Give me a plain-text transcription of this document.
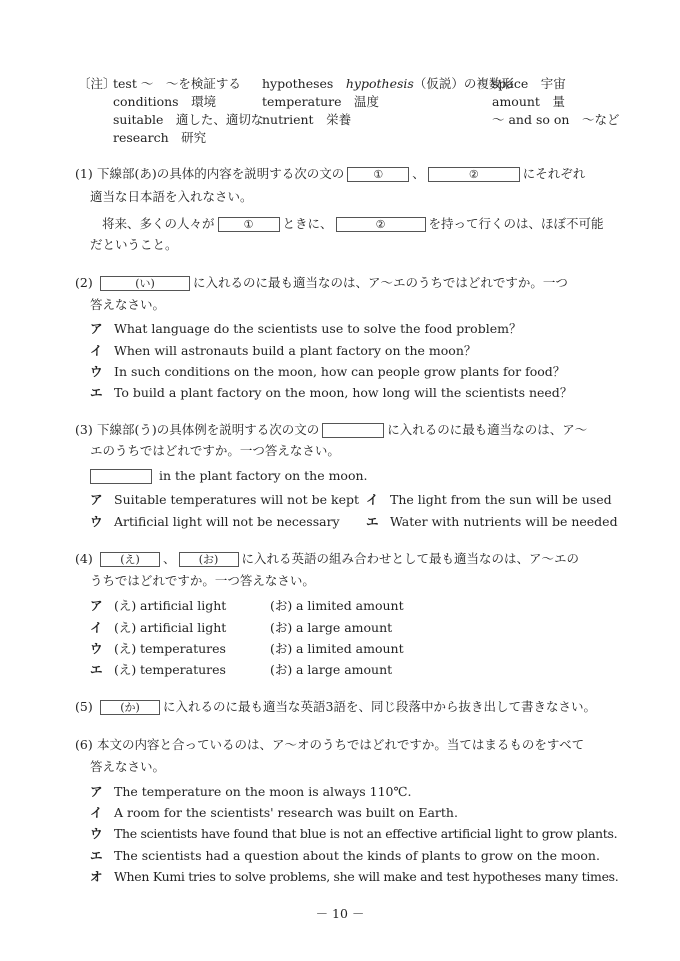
〔注〕
test ～　～を検証する
conditions　環境
suitable　適した、適切な
research　研究
hypotheses　 hypothesis（仮説）の複数形
temperature　温度
nutrient　栄養
space　宇宙
amount　量
～ and so on　～など
(1) 下線部(あ)の具体的内容を説明する次の文の	① 、	②	にそれぞれ
適当な日本語を入れなさい。
将来、多くの人々が	① ときに、	②	を持って行くのは、ほぼ不可能
だということ。
(2)	(い)	に入れるのに最も適当なのは、ア～エのうちではどれですか。一つ
答えなさい。
ア What language do the scientists use to solve the food problem？
イ When will astronauts build a plant factory on the moon？
ウ In such conditions on the moon, how can people grow plants for food？
エ To build a plant factory on the moon, how long will the scientists need？
(3) 下線部(う)の具体例を説明する次の文の	に入れるのに最も適当なのは、ア～
エのうちではどれですか。一つ答えなさい。
in the plant factory on the moon.
ア Suitable temperatures will not be kept イ The light from the sun will be used
ウ Artificial light will not be necessary エ Water with nutrients will be needed
(4) (え) 、 (お) に入れる英語の組み合わせとして最も適当なのは、ア～エの
うちではどれですか。一つ答えなさい。
ア (え) artificial light	(お) a limited amount
イ (え) artificial light	(お) a large amount
ウ (え) temperatures	(お) a limited amount
エ (え) temperatures	(お) a large amount
(5) (か) に入れるのに最も適当な英語3語を、同じ段落中から抜き出して書きなさい。
(6) 本文の内容と合っているのは、ア～オのうちではどれですか。当てはまるものをすべて
答えなさい。
ア The temperature on the moon is always 110℃.
イ A room for the scientists' research was built on Earth.
ウ The scientists have found that blue is not an effective artificial light to grow plants.
エ The scientists had a question about the kinds of plants to grow on the moon.
オ When Kumi tries to solve problems, she will make and test hypotheses many times.
－ 10 －
